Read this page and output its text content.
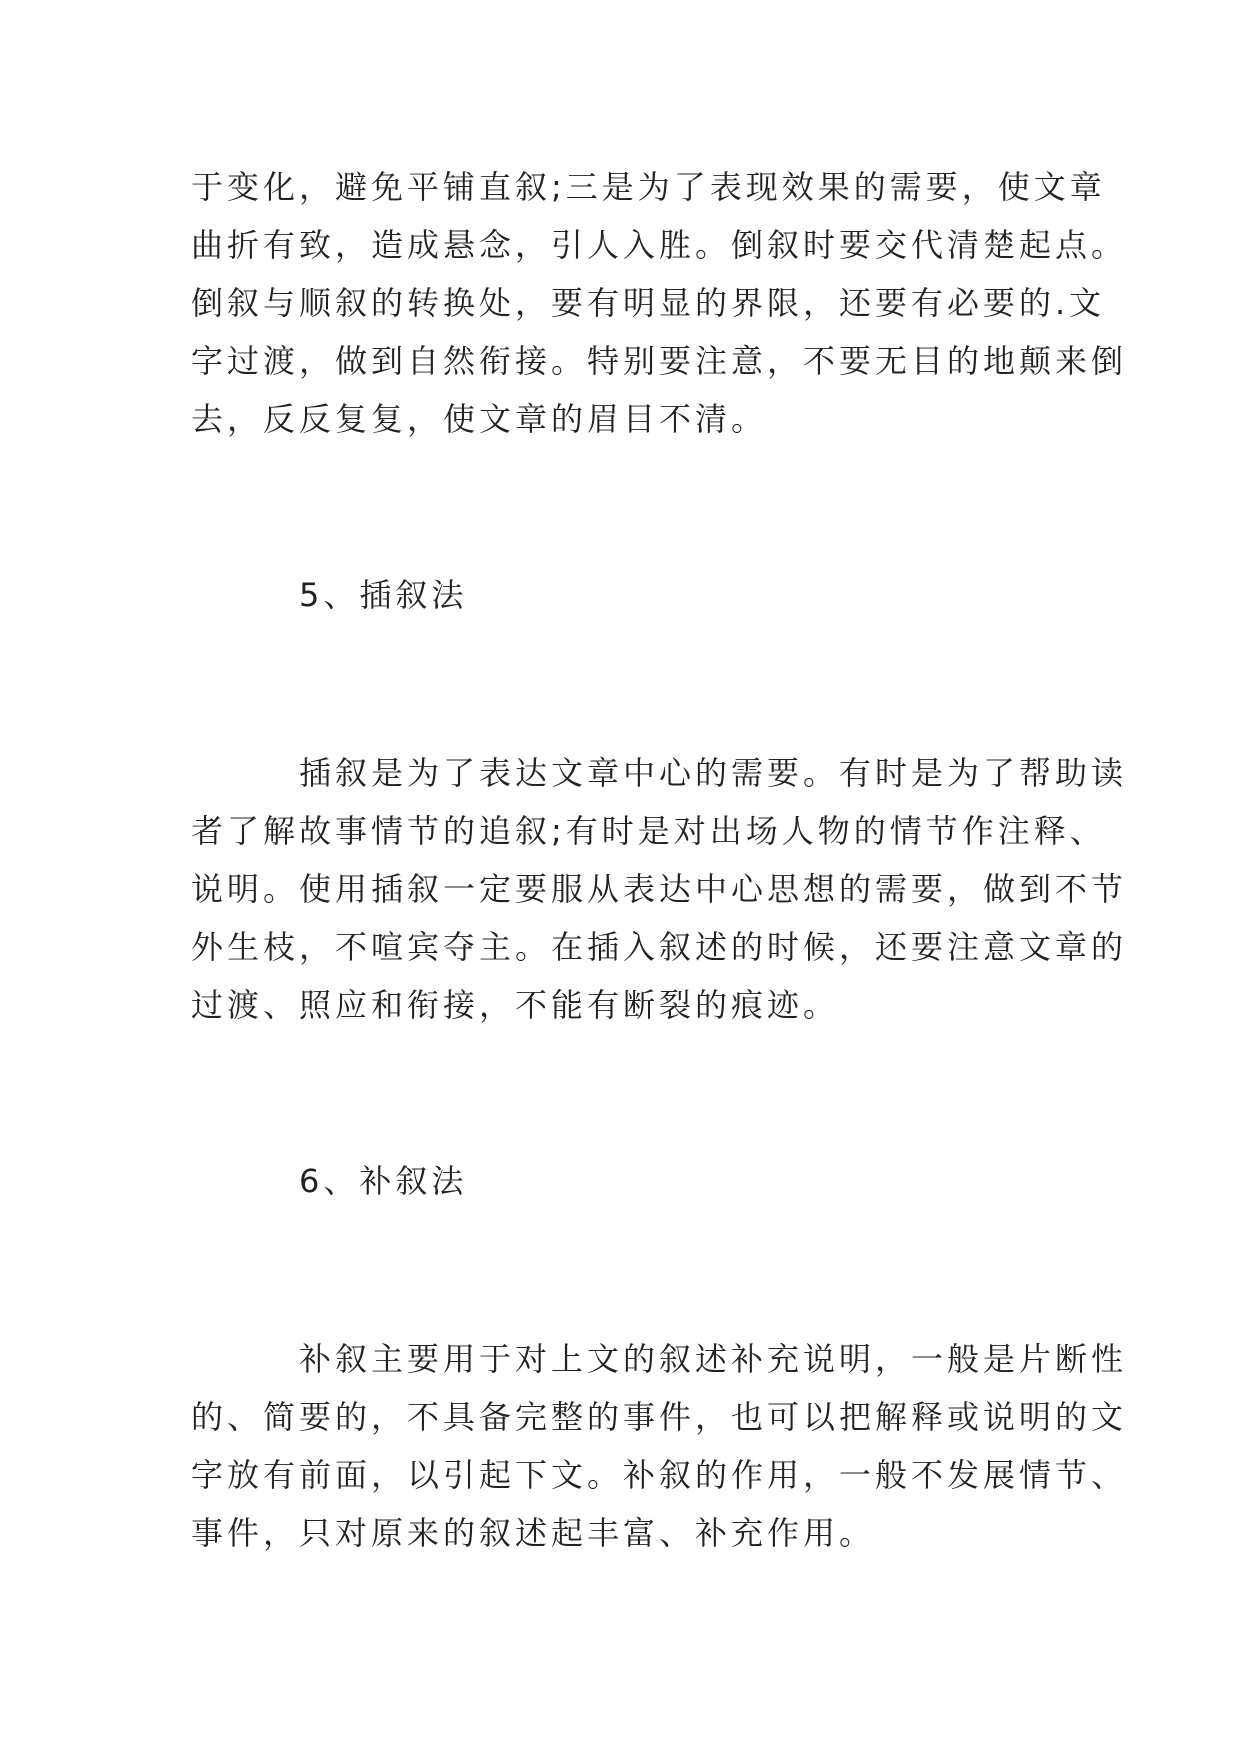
于变化，避免平铺直叙;三是为了表现效果的需要，使文章
曲折有致，造成悬念，引人入胜。倒叙时要交代清楚起点。
倒叙与顺叙的转换处，要有明显的界限，还要有必要的.文
字过渡，做到自然衔接。特别要注意，不要无目的地颠来倒
去，反反复复，使文章的眉目不清。
5、插叙法
插叙是为了表达文章中心的需要。有时是为了帮助读
者了解故事情节的追叙;有时是对出场人物的情节作注释、
说明。使用插叙一定要服从表达中心思想的需要，做到不节
外生枝，不喧宾夺主。在插入叙述的时候，还要注意文章的
过渡、照应和衔接，不能有断裂的痕迹。
6、补叙法
补叙主要用于对上文的叙述补充说明，一般是片断性
的、简要的，不具备完整的事件，也可以把解释或说明的文
字放有前面，以引起下文。补叙的作用，一般不发展情节、
事件，只对原来的叙述起丰富、补充作用。
